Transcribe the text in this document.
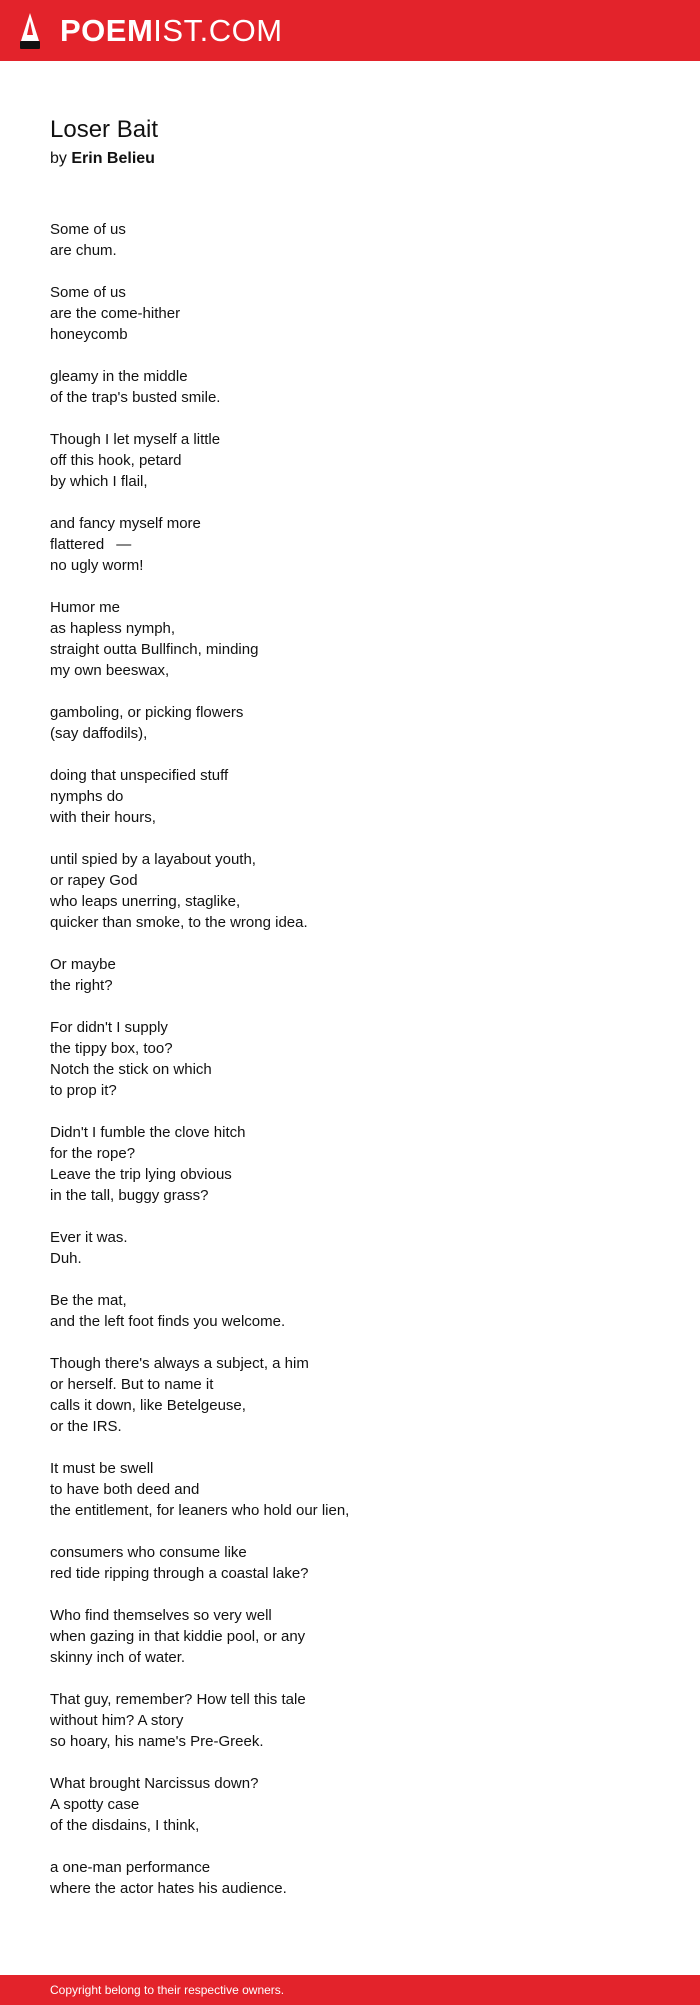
POEMIST.COM
Loser Bait
by Erin Belieu
Some of us
are chum.
Some of us
are the come-hither
honeycomb
gleamy in the middle
of the trap's busted smile.
Though I let myself a little
off this hook, petard
by which I flail,
and fancy myself more
flattered—
no ugly worm!
Humor me
as hapless nymph,
straight outta Bullfinch, minding
my own beeswax,
gamboling, or picking flowers
(say daffodils),
doing that unspecified stuff
nymphs do
with their hours,
until spied by a layabout youth,
or rapey God
who leaps unerring, staglike,
quicker than smoke, to the wrong idea.
Or maybe
the right?
For didn't I supply
the tippy box, too?
Notch the stick on which
to prop it?
Didn't I fumble the clove hitch
for the rope?
Leave the trip lying obvious
in the tall, buggy grass?
Ever it was.
Duh.
Be the mat,
and the left foot finds you welcome.
Though there's always a subject, a him
or herself. But to name it
calls it down, like Betelgeuse,
or the IRS.
It must be swell
to have both deed and
the entitlement, for leaners who hold our lien,
consumers who consume like
red tide ripping through a coastal lake?
Who find themselves so very well
when gazing in that kiddie pool, or any
skinny inch of water.
That guy, remember? How tell this tale
without him? A story
so hoary, his name's Pre-Greek.
What brought Narcissus down?
A spotty case
of the disdains, I think,
a one-man performance
where the actor hates his audience.
Copyright belong to their respective owners.
